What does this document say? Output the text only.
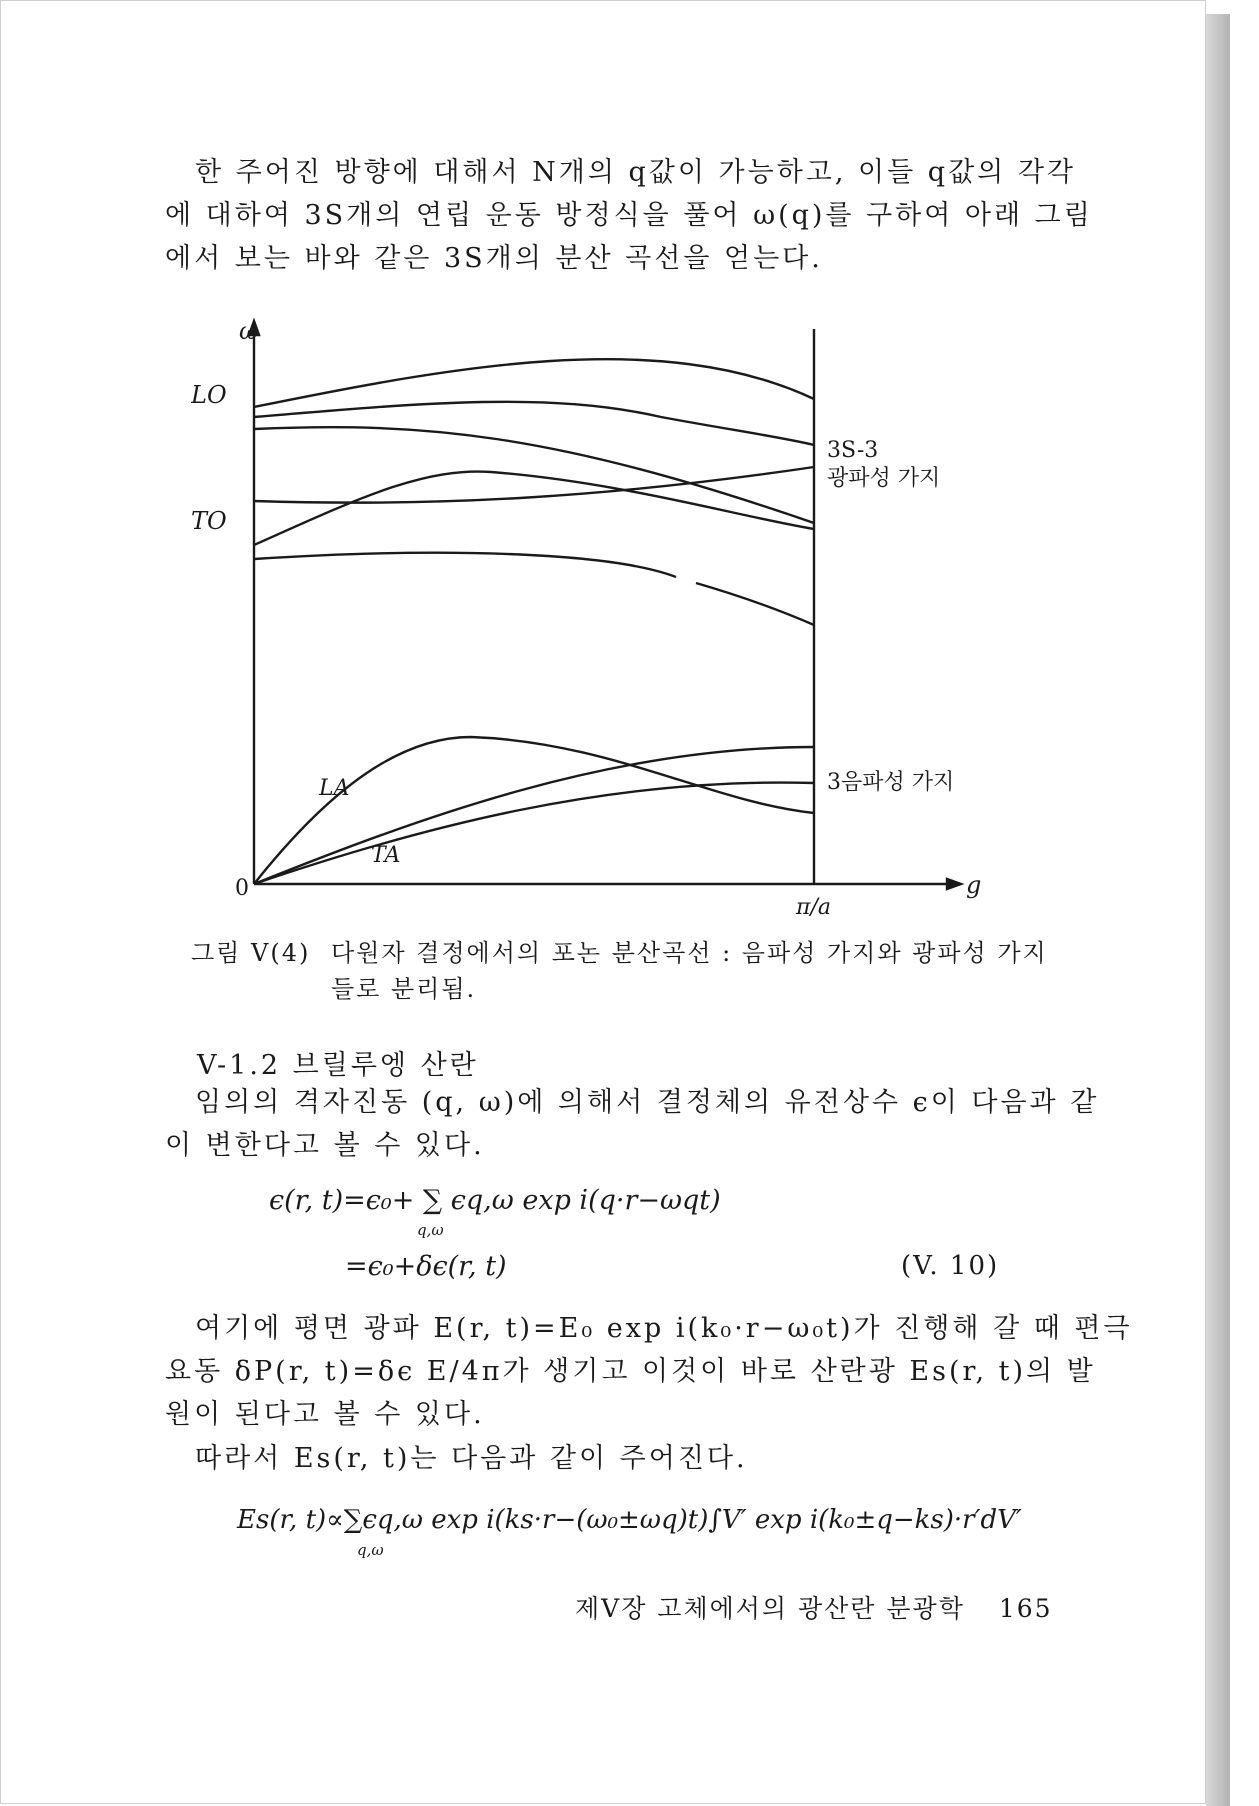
한 주어진 방향에 대해서 N개의 q값이 가능하고, 이들 q값의 각각
에 대하여 3S개의 연립 운동 방정식을 풀어 ω(q)를 구하여 아래 그림
에서 보는 바와 같은 3S개의 분산 곡선을 얻는다.
ω
LO
TO
0
π/a
g
3S-3
광파성 가지
3음파성 가지
LA
TA
그림 V(4) 다원자 결정에서의 포논 분산곡선 : 음파성 가지와 광파성 가지들로 분리됨.
V-1.2 브릴루엥 산란
임의의 격자진동 (q, ω)에 의해서 결정체의 유전상수 ϵ이 다음과 같
이 변한다고 볼 수 있다.
ϵ(r, t)=ϵ₀+ ∑ ϵq,ω exp i(q·r−ωqt)
q,ω
=ϵ₀+δϵ(r, t)	(V. 10)
여기에 평면 광파 E(r, t)=E₀ exp i(k₀·r−ω₀t)가 진행해 갈 때 편극
요동 δP(r, t)=δϵ E/4π가 생기고 이것이 바로 산란광 Es(r, t)의 발
원이 된다고 볼 수 있다.
따라서 Es(r, t)는 다음과 같이 주어진다.
Es(r, t)∝∑ϵq,ω exp i(ks·r−(ω₀±ωq)t)∫V′ exp i(k₀±q−ks)·r′dV′
q,ω
제V장 고체에서의 광산란 분광학 165
